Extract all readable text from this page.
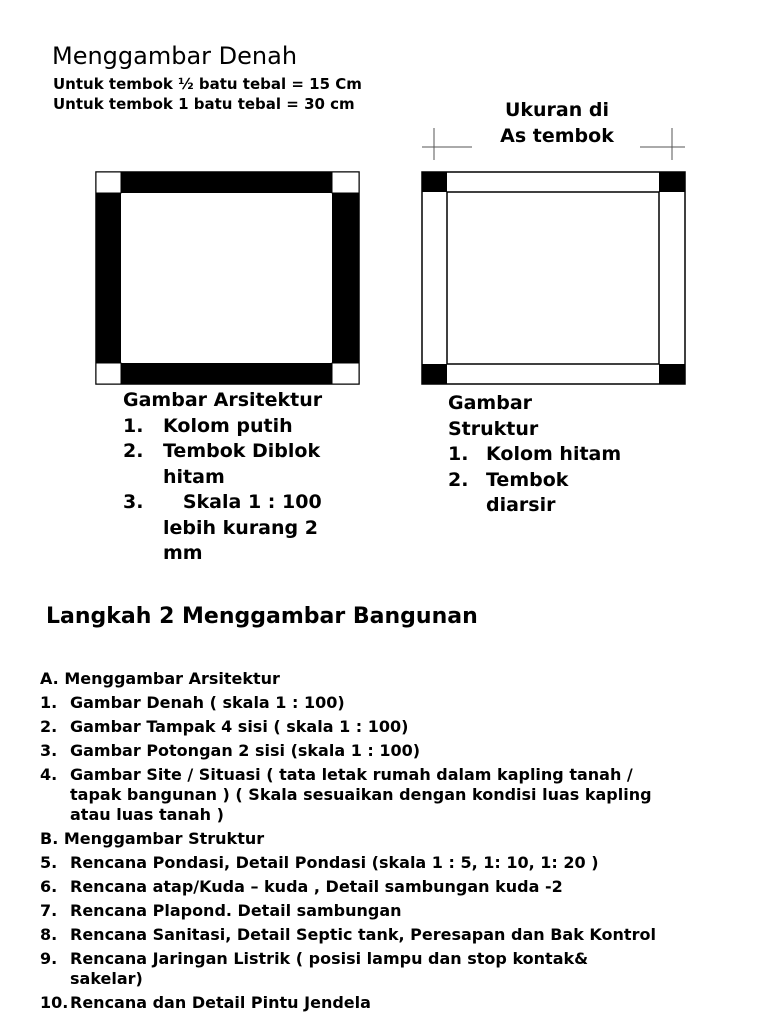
Menggambar Denah
Untuk tembok ½ batu tebal = 15 Cm
Untuk tembok 1 batu tebal = 30 cm	Ukuran di
As tembok
Gambar Arsitektur
1.	Kolom putih
2.	Tembok Diblok hitam
3.	Skala 1 : 100 lebih kurang 2 mm
Gambar
Struktur
1. Kolom hitam
2. Tembok diarsir
Langkah 2 Menggambar Bangunan
A. Menggambar Arsitektur
1. Gambar Denah ( skala 1 : 100)
2. Gambar Tampak 4 sisi ( skala 1 : 100)
3. Gambar Potongan 2 sisi (skala 1 : 100)
4. Gambar Site / Situasi ( tata letak rumah dalam kapling tanah / tapak bangunan ) ( Skala sesuaikan dengan kondisi luas kapling atau luas tanah )
B. Menggambar Struktur
5. Rencana Pondasi, Detail Pondasi (skala 1 : 5, 1: 10, 1: 20 )
6. Rencana atap/Kuda – kuda , Detail sambungan kuda -2
7. Rencana Plapond. Detail sambungan
8. Rencana Sanitasi, Detail Septic tank, Peresapan dan Bak Kontrol
9. Rencana Jaringan Listrik ( posisi lampu dan stop kontak& sakelar)
10. Rencana dan Detail Pintu Jendela
